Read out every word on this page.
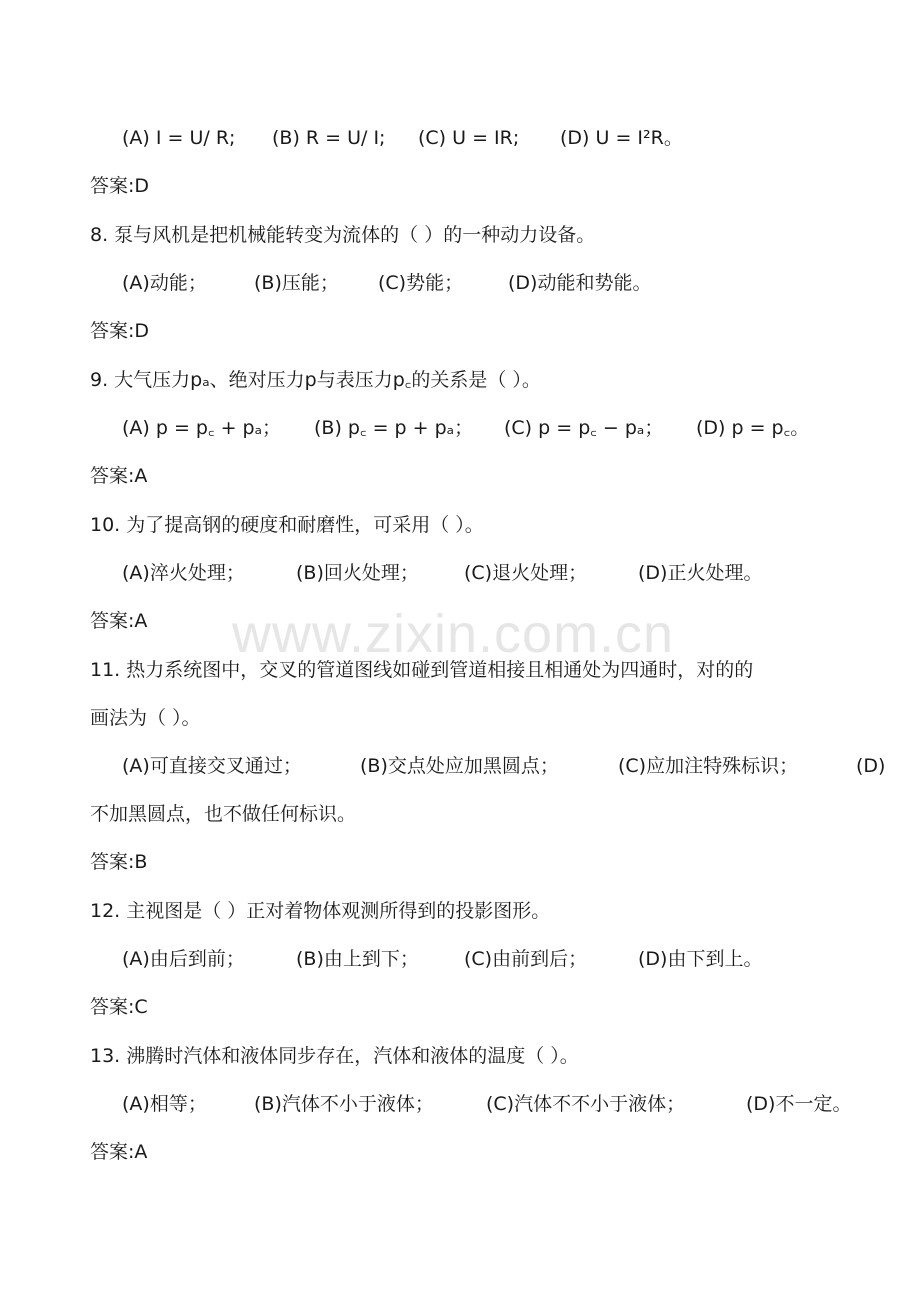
www.zixin.com.cn
(A) I = U/ R; (B) R = U/ I; (C) U = IR; (D) U = I²R。
答案:D
8. 泵与风机是把机械能转变为流体的（ ）的一种动力设备。
(A)动能； (B)压能； (C)势能； (D)动能和势能。
答案:D
9. 大气压力pₐ、绝对压力p与表压力p꜀的关系是（ ）。
(A) p = p꜀ + pₐ； (B) p꜀ = p + pₐ； (C) p = p꜀ − pₐ； (D) p = p꜀。
答案:A
10. 为了提高钢的硬度和耐磨性，可采用（ ）。
(A)淬火处理；	(B)回火处理； (C)退火处理；	(D)正火处理。
答案:A
11. 热力系统图中，交叉的管道图线如碰到管道相接且相通处为四通时，对的的
画法为（ ）。
(A)可直接交叉通过；	(B)交点处应加黑圆点；	(C)应加注特殊标识；	(D)
不加黑圆点，也不做任何标识。
答案:B
12. 主视图是（ ）正对着物体观测所得到的投影图形。
(A)由后到前；	(B)由上到下； (C)由前到后；	(D)由下到上。
答案:C
13. 沸腾时汽体和液体同步存在，汽体和液体的温度（ ）。
(A)相等； (B)汽体不小于液体；	(C)汽体不不小于液体；	(D)不一定。
答案:A
